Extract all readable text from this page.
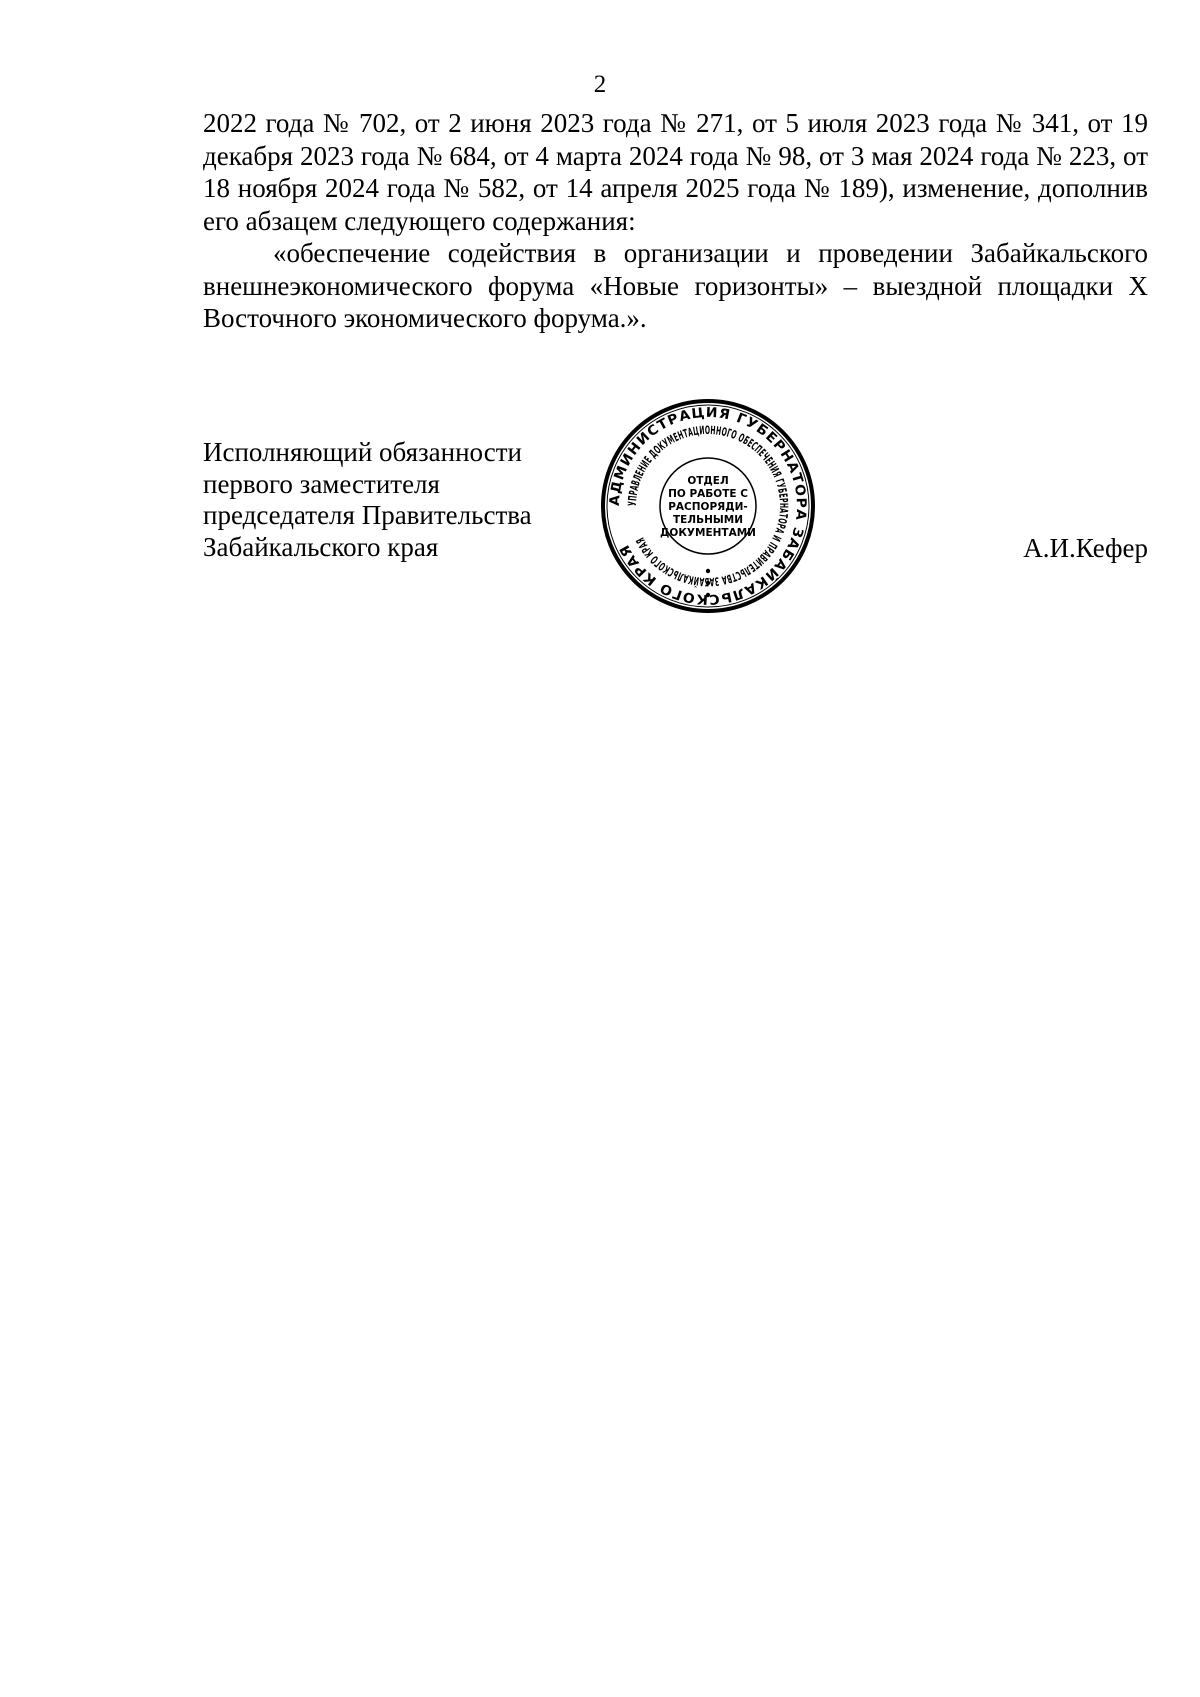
2

2022 года № 702, от 2 июня 2023 года № 271, от 5 июля 2023 года № 341, от 19 декабря 2023 года № 684, от 4 марта 2024 года № 98, от 3 мая 2024 года № 223, от 18 ноября 2024 года № 582, от 14 апреля 2025 года № 189), изменение, дополнив его абзацем следующего содержания:

«обеспечение содействия в организации и проведении Забайкальского внешнеэкономического форума «Новые горизонты» – выездной площадки X Восточного экономического форума.».

Исполняющий обязанности
первого заместителя
председателя Правительства
Забайкальского края	А.И.Кефер
АДМИНИСТРАЦИЯ ГУБЕРНАТОРА ЗАБАЙКАЛЬСКОГО КРАЯ
УПРАВЛЕНИЕ ДОКУМЕНТАЦИОННОГО ОБЕСПЕЧЕНИЯ ГУБЕРНАТОРА И ПРАВИТЕЛЬСТВА З БАЙКАЛЬСКОГО КРАЯ
ОТДЕЛ
ПО РАБОТЕ С
РАСПОРЯДИ-
ТЕЛЬНЫМИ
ДОКУМЕНТАМИ
